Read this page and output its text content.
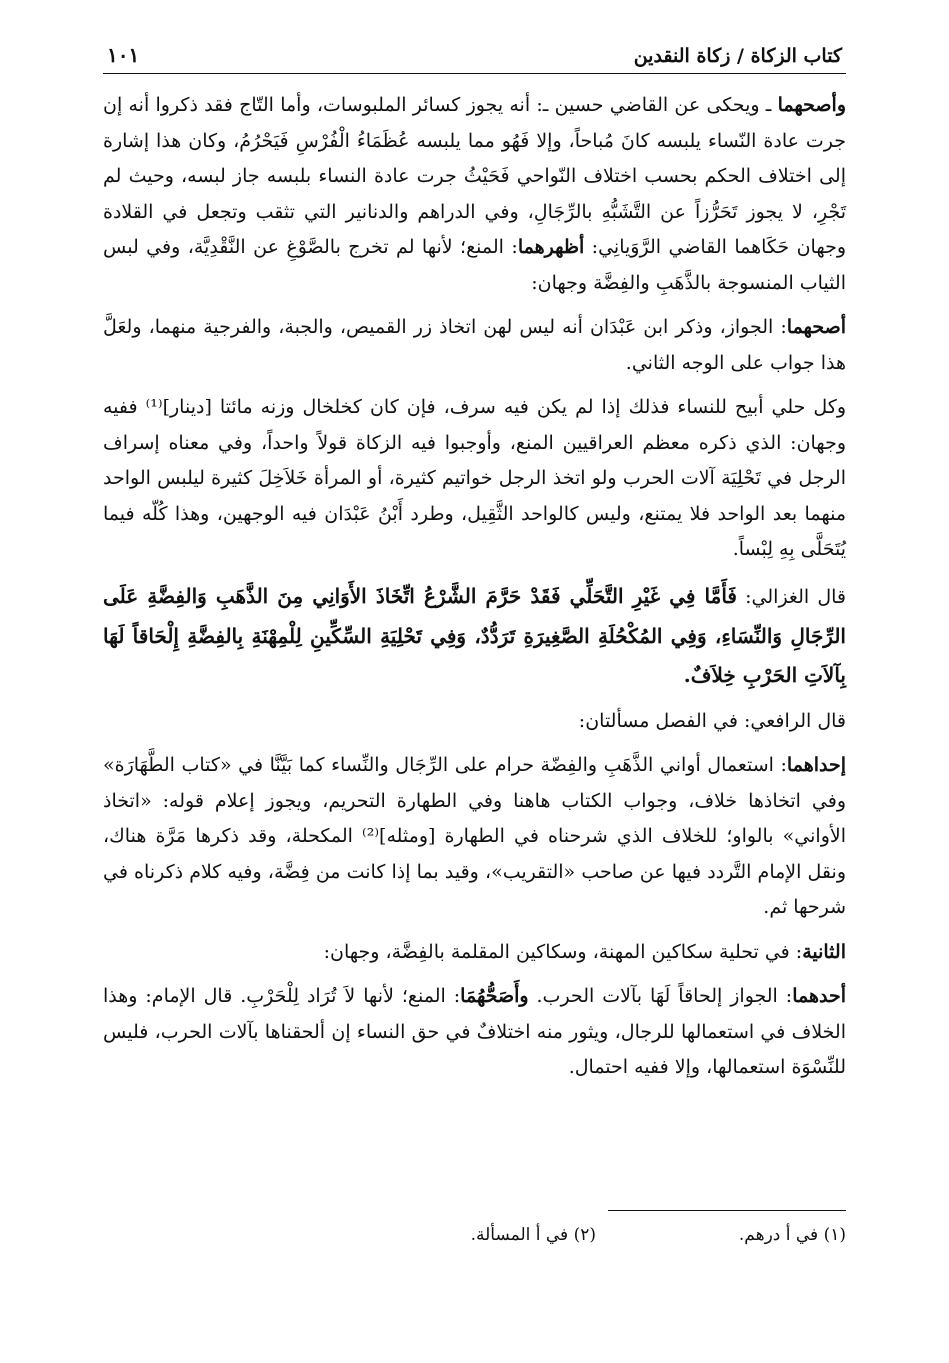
كتاب الزكاة / زكاة النقدين
١٠١

وأصحهما ـ ويحكى عن القاضي حسين ـ: أنه يجوز كسائر الملبوسات، وأما التّاج فقد ذكروا أنه إن جرت عادة النّساء يلبسه كانَ مُباحاً، وإلا فَهُو مما يلبسه عُظَمَاءُ الْفُرْسِ فَيَحْرُمُ، وكان هذا إشارة إلى اختلاف الحكم بحسب اختلاف النّواحي فَحَيْثُ جرت عادة النساء بلبسه جاز لبسه، وحيث لم تَجْرِ، لا يجوز تَحَرُّزاً عن التَّشَبُّهِ بالرِّجَالِ، وفي الدراهم والدنانير التي تثقب وتجعل في القلادة وجهان حَكَاهما القاضي الرَّوَيانِي: أظهرهما: المنع؛ لأنها لم تخرج بالصَّوْغِ عن النَّقْدِيَّة، وفي لبس الثياب المنسوجة بالذَّهَبِ والفِضَّة وجهان:

أصحهما: الجواز، وذكر ابن عَبْدَان أنه ليس لهن اتخاذ زر القميص، والجبة، والفرجية منهما، ولعَلَّ هذا جواب على الوجه الثاني.

وكل حلي أبيح للنساء فذلك إذا لم يكن فيه سرف، فإن كان كخلخال وزنه مائتا [دينار]⁽¹⁾ ففيه وجهان: الذي ذكره معظم العراقيين المنع، وأوجبوا فيه الزكاة قولاً واحداً، وفي معناه إسراف الرجل في تَحْلِيَة آلات الحرب ولو اتخذ الرجل خواتيم كثيرة، أو المرأة خَلاَخِلَ كثيرة ليلبس الواحد منهما بعد الواحد فلا يمتنع، وليس كالواحد الثَّقِيل، وطرد أَبْنُ عَبْدَان فيه الوجهين، وهذا كُلّه فيما يُتَحَلَّى بِهِ لِبْساً.

قال الغزالي: فَأَمَّا فِي غَيْرِ التَّحَلِّي فَقَدْ حَرَّمَ الشَّرْعُ اتِّخَاذَ الأَوَانِي مِنَ الذَّهَبِ وَالفِضَّةِ عَلَى الرِّجَالِ وَالنِّسَاءِ، وَفِي المُكْحُلَةِ الصَّغِيرَةِ تَرَدُّدٌ، وَفِي تَحْلِيَةِ السِّكِّينِ لِلْمِهْنَةِ بِالفِضَّةِ إِلْحَاقاً لَهَا بِآلاَتِ الحَرْبِ خِلاَفٌ.

قال الرافعي: في الفصل مسألتان:

إحداهما: استعمال أواني الذَّهَبِ والفِضّة حرام على الرِّجَال والنِّساء كما بَيَّنَّا في «كتاب الطَّهَارَة» وفي اتخاذها خلاف، وجواب الكتاب هاهنا وفي الطهارة التحريم، ويجوز إعلام قوله: «اتخاذ الأواني» بالواو؛ للخلاف الذي شرحناه في الطهارة [ومثله]⁽²⁾ المكحلة، وقد ذكرها مَرَّة هناك، ونقل الإمام التَّردد فيها عن صاحب «التقريب»، وقيد بما إذا كانت من فِضَّة، وفيه كلام ذكرناه في شرحها ثم.

الثانية: في تحلية سكاكين المهنة، وسكاكين المقلمة بالفِضَّة، وجهان:

أحدهما: الجواز إلحاقاً لَهَا بآلات الحرب. وأَصَحُّهُمَا: المنع؛ لأنها لاَ تُرَاد لِلْحَرْبِ. قال الإمام: وهذا الخلاف في استعمالها للرجال، ويثور منه اختلافٌ في حق النساء إن ألحقناها بآلات الحرب، فليس للنِّسْوَة استعمالها، وإلا ففيه احتمال.

(١) في أ درهم.
(٢) في أ المسألة.
